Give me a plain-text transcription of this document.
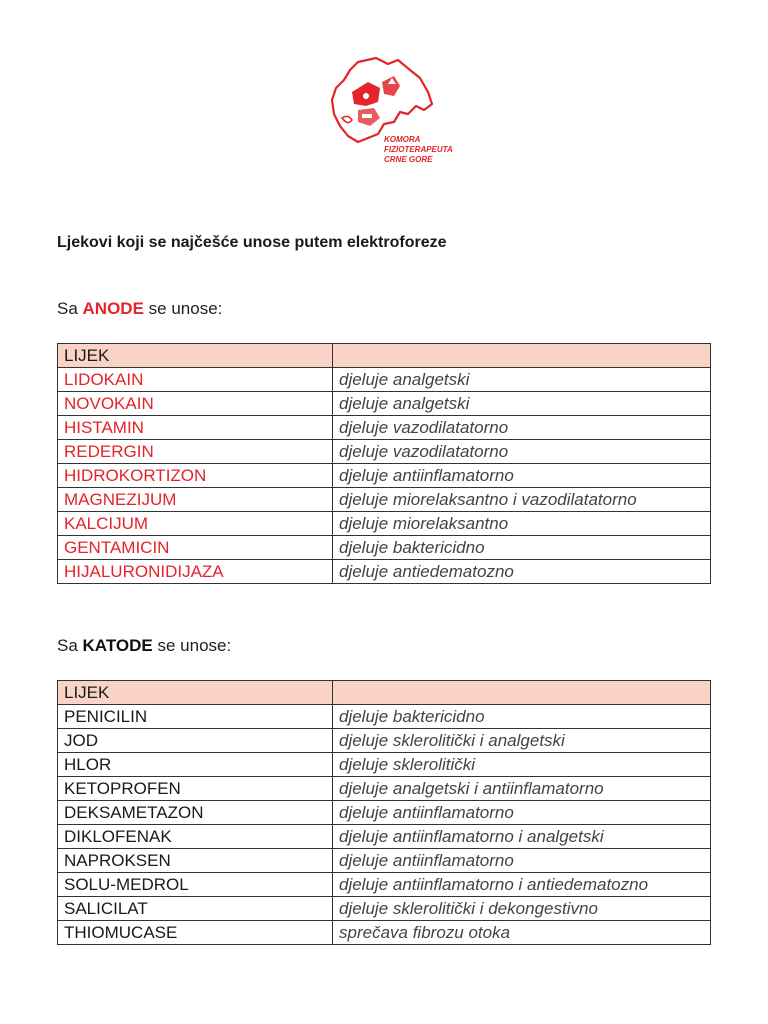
KOMORA
FIZIOTERAPEUTA
CRNE GORE
Ljekovi koji se najčešće unose putem elektroforeze

Sa ANODE se unose:

LIJEK	
LIDOKAIN	djeluje analgetski
NOVOKAIN	djeluje analgetski
HISTAMIN	djeluje vazodilatatorno
REDERGIN	djeluje vazodilatatorno
HIDROKORTIZON	djeluje antiinflamatorno
MAGNEZIJUM	djeluje miorelaksantno i vazodilatatorno
KALCIJUM	djeluje miorelaksantno
GENTAMICIN	djeluje baktericidno
HIJALURONIDIJAZA	djeluje antiedematozno

Sa KATODE se unose:

LIJEK	
PENICILIN	djeluje baktericidno
JOD	djeluje sklerolitički i analgetski
HLOR	djeluje sklerolitički
KETOPROFEN	djeluje analgetski i antiinflamatorno
DEKSAMETAZON	djeluje antiinflamatorno
DIKLOFENAK	djeluje antiinflamatorno i analgetski
NAPROKSEN	djeluje antiinflamatorno
SOLU-MEDROL	djeluje antiinflamatorno i antiedematozno
SALICILAT	djeluje sklerolitički i dekongestivno
THIOMUCASE	sprečava fibrozu otoka
